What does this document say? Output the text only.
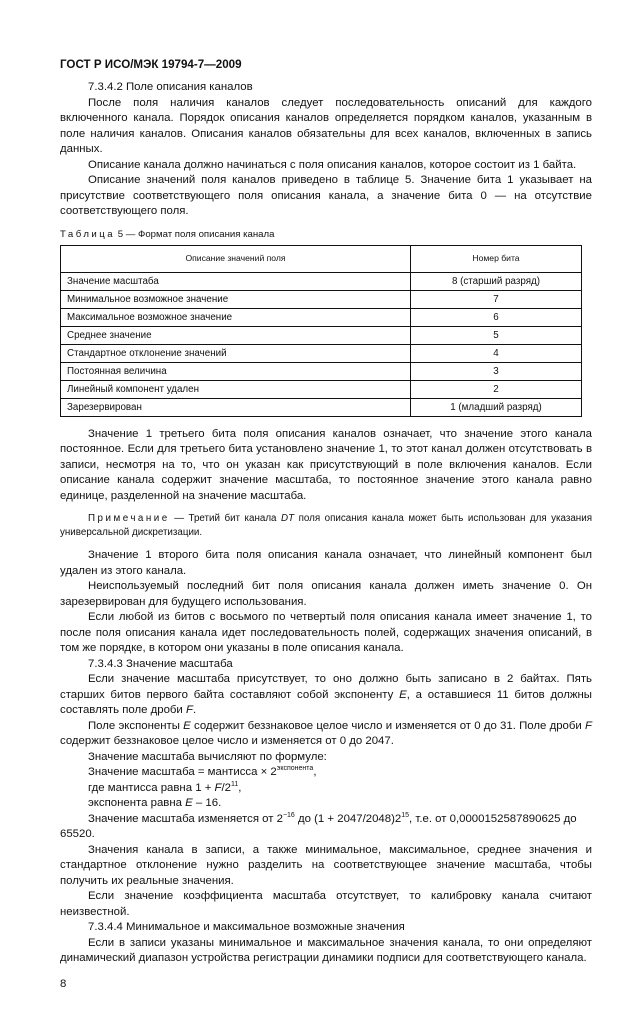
ГОСТ Р ИСО/МЭК 19794-7—2009

7.3.4.2 Поле описания каналов

После поля наличия каналов следует последовательность описаний для каждого включенного канала. Порядок описания каналов определяется порядком каналов, указанным в поле наличия каналов. Описания каналов обязательны для всех каналов, включенных в запись данных.

Описание канала должно начинаться с поля описания каналов, которое состоит из 1 байта.

Описание значений поля каналов приведено в таблице 5. Значение бита 1 указывает на присутствие соответствующего поля описания канала, а значение бита 0 — на отсутствие соответствующего поля.

Таблица 5 — Формат поля описания канала
Описание значений поля	Номер бита
Значение масштаба	8 (старший разряд)
Минимальное возможное значение	7
Максимальное возможное значение	6
Среднее значение	5
Стандартное отклонение значений	4
Постоянная величина	3
Линейный компонент удален	2
Зарезервирован	1 (младший разряд)

Значение 1 третьего бита поля описания каналов означает, что значение этого канала постоянное. Если для третьего бита установлено значение 1, то этот канал должен отсутствовать в записи, несмотря на то, что он указан как присутствующий в поле включения каналов. Если описание канала содержит значение масштаба, то постоянное значение этого канала равно единице, разделенной на значение масштаба.

Примечание — Третий бит канала DT поля описания канала может быть использован для указания универсальной дискретизации.

Значение 1 второго бита поля описания канала означает, что линейный компонент был удален из этого канала.

Неиспользуемый последний бит поля описания канала должен иметь значение 0. Он зарезервирован для будущего использования.

Если любой из битов с восьмого по четвертый поля описания канала имеет значение 1, то после поля описания канала идет последовательность полей, содержащих значения описаний, в том же порядке, в котором они указаны в поле описания канала.

7.3.4.3 Значение масштаба

Если значение масштаба присутствует, то оно должно быть записано в 2 байтах. Пять старших битов первого байта составляют собой экспоненту E, а оставшиеся 11 битов должны составлять поле дроби F.

Поле экспоненты E содержит беззнаковое целое число и изменяется от 0 до 31. Поле дроби F содержит беззнаковое целое число и изменяется от 0 до 2047.

Значение масштаба вычисляют по формуле:

Значение масштаба = мантисса × $2^{экспонента}$,

где мантисса равна $1 + F/2^{11}$,

экспонента равна E – 16.

Значение масштаба изменяется от $2^{-16}$ до $(1 + 2047/2048)2^{15}$, т.е. от 0,0000152587890625 до 65520.

Значения канала в записи, а также минимальное, максимальное, среднее значения и стандартное отклонение нужно разделить на соответствующее значение масштаба, чтобы получить их реальные значения.

Если значение коэффициента масштаба отсутствует, то калибровку канала считают неизвестной.

7.3.4.4 Минимальное и максимальное возможные значения

Если в записи указаны минимальное и максимальное значения канала, то они определяют динамический диапазон устройства регистрации динамики подписи для соответствующего канала.

8
